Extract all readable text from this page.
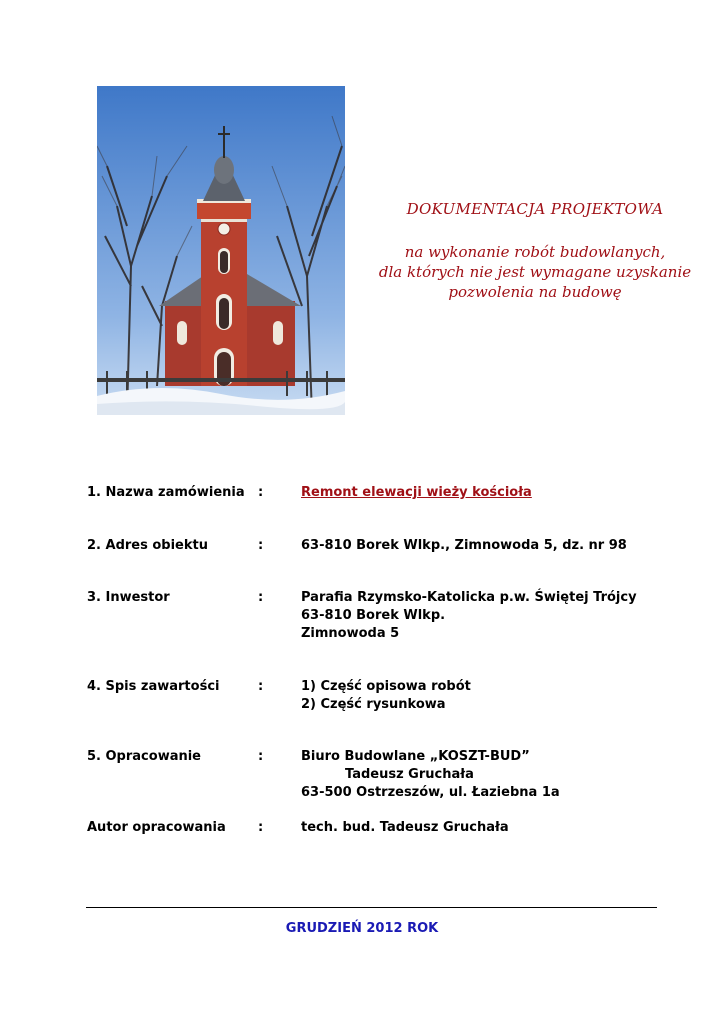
DOKUMENTACJA PROJEKTOWA
na wykonanie robót budowlanych,
dla których nie jest wymagane uzyskanie
pozwolenia na budowę
1. Nazwa zamówienia	:	Remont elewacji wieży kościoła
2. Adres obiektu	:	63-810 Borek Wlkp., Zimnowoda 5, dz. nr 98
3. Inwestor	:	Parafia Rzymsko-Katolicka p.w. Świętej Trójcy
63-810 Borek Wlkp.
Zimnowoda 5
4. Spis zawartości	:	1) Część opisowa robót
2) Część rysunkowa
5. Opracowanie	:	Biuro Budowlane „KOSZT-BUD”
Tadeusz Gruchała
63-500 Ostrzeszów, ul. Łaziebna 1a
Autor opracowania	:	tech. bud. Tadeusz Gruchała
GRUDZIEŃ 2012 ROK
